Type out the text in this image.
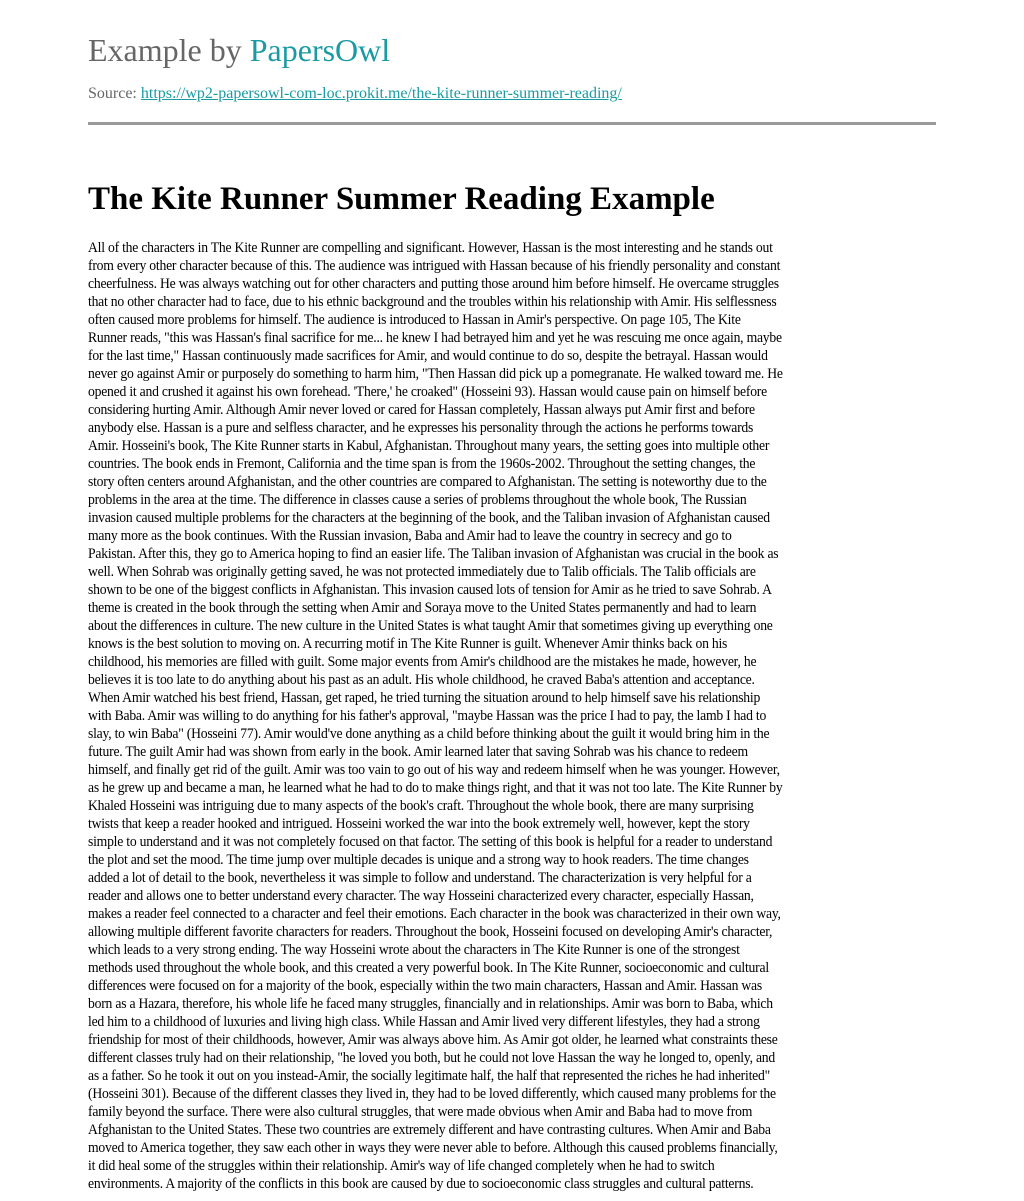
Example by PapersOwl
Source: https://wp2-papersowl-com-loc.prokit.me/the-kite-runner-summer-reading/
The Kite Runner Summer Reading Example
All of the characters in The Kite Runner are compelling and significant. However, Hassan is the most interesting and he stands out
from every other character because of this. The audience was intrigued with Hassan because of his friendly personality and constant
cheerfulness. He was always watching out for other characters and putting those around him before himself. He overcame struggles
that no other character had to face, due to his ethnic background and the troubles within his relationship with Amir. His selflessness
often caused more problems for himself. The audience is introduced to Hassan in Amir's perspective. On page 105, The Kite
Runner reads, "this was Hassan's final sacrifice for me... he knew I had betrayed him and yet he was rescuing me once again, maybe
for the last time," Hassan continuously made sacrifices for Amir, and would continue to do so, despite the betrayal. Hassan would
never go against Amir or purposely do something to harm him, "Then Hassan did pick up a pomegranate. He walked toward me. He
opened it and crushed it against his own forehead. 'There,' he croaked" (Hosseini 93). Hassan would cause pain on himself before
considering hurting Amir. Although Amir never loved or cared for Hassan completely, Hassan always put Amir first and before
anybody else. Hassan is a pure and selfless character, and he expresses his personality through the actions he performs towards
Amir. Hosseini's book, The Kite Runner starts in Kabul, Afghanistan. Throughout many years, the setting goes into multiple other
countries. The book ends in Fremont, California and the time span is from the 1960s-2002. Throughout the setting changes, the
story often centers around Afghanistan, and the other countries are compared to Afghanistan. The setting is noteworthy due to the
problems in the area at the time. The difference in classes cause a series of problems throughout the whole book, The Russian
invasion caused multiple problems for the characters at the beginning of the book, and the Taliban invasion of Afghanistan caused
many more as the book continues. With the Russian invasion, Baba and Amir had to leave the country in secrecy and go to
Pakistan. After this, they go to America hoping to find an easier life. The Taliban invasion of Afghanistan was crucial in the book as
well. When Sohrab was originally getting saved, he was not protected immediately due to Talib officials. The Talib officials are
shown to be one of the biggest conflicts in Afghanistan. This invasion caused lots of tension for Amir as he tried to save Sohrab. A
theme is created in the book through the setting when Amir and Soraya move to the United States permanently and had to learn
about the differences in culture. The new culture in the United States is what taught Amir that sometimes giving up everything one
knows is the best solution to moving on. A recurring motif in The Kite Runner is guilt. Whenever Amir thinks back on his
childhood, his memories are filled with guilt. Some major events from Amir's childhood are the mistakes he made, however, he
believes it is too late to do anything about his past as an adult. His whole childhood, he craved Baba's attention and acceptance.
When Amir watched his best friend, Hassan, get raped, he tried turning the situation around to help himself save his relationship
with Baba. Amir was willing to do anything for his father's approval, "maybe Hassan was the price I had to pay, the lamb I had to
slay, to win Baba" (Hosseini 77). Amir would've done anything as a child before thinking about the guilt it would bring him in the
future. The guilt Amir had was shown from early in the book. Amir learned later that saving Sohrab was his chance to redeem
himself, and finally get rid of the guilt. Amir was too vain to go out of his way and redeem himself when he was younger. However,
as he grew up and became a man, he learned what he had to do to make things right, and that it was not too late. The Kite Runner by
Khaled Hosseini was intriguing due to many aspects of the book's craft. Throughout the whole book, there are many surprising
twists that keep a reader hooked and intrigued. Hosseini worked the war into the book extremely well, however, kept the story
simple to understand and it was not completely focused on that factor. The setting of this book is helpful for a reader to understand
the plot and set the mood. The time jump over multiple decades is unique and a strong way to hook readers. The time changes
added a lot of detail to the book, nevertheless it was simple to follow and understand. The characterization is very helpful for a
reader and allows one to better understand every character. The way Hosseini characterized every character, especially Hassan,
makes a reader feel connected to a character and feel their emotions. Each character in the book was characterized in their own way,
allowing multiple different favorite characters for readers. Throughout the book, Hosseini focused on developing Amir's character,
which leads to a very strong ending. The way Hosseini wrote about the characters in The Kite Runner is one of the strongest
methods used throughout the whole book, and this created a very powerful book. In The Kite Runner, socioeconomic and cultural
differences were focused on for a majority of the book, especially within the two main characters, Hassan and Amir. Hassan was
born as a Hazara, therefore, his whole life he faced many struggles, financially and in relationships. Amir was born to Baba, which
led him to a childhood of luxuries and living high class. While Hassan and Amir lived very different lifestyles, they had a strong
friendship for most of their childhoods, however, Amir was always above him. As Amir got older, he learned what constraints these
different classes truly had on their relationship, "he loved you both, but he could not love Hassan the way he longed to, openly, and
as a father. So he took it out on you instead-Amir, the socially legitimate half, the half that represented the riches he had inherited"
(Hosseini 301). Because of the different classes they lived in, they had to be loved differently, which caused many problems for the
family beyond the surface. There were also cultural struggles, that were made obvious when Amir and Baba had to move from
Afghanistan to the United States. These two countries are extremely different and have contrasting cultures. When Amir and Baba
moved to America together, they saw each other in ways they were never able to before. Although this caused problems financially,
it did heal some of the struggles within their relationship. Amir's way of life changed completely when he had to switch
environments. A majority of the conflicts in this book are caused by due to socioeconomic class struggles and cultural patterns.
